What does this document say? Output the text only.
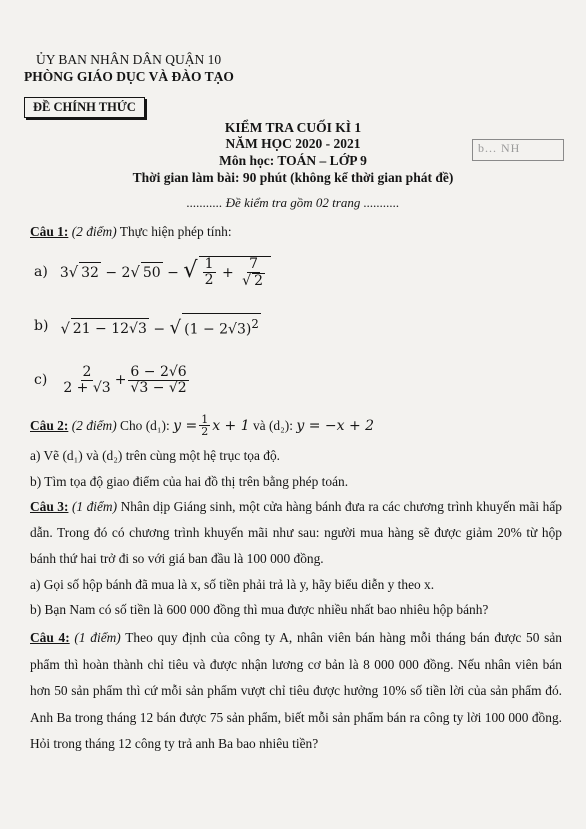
ỦY BAN NHÂN DÂN QUẬN 10
PHÒNG GIÁO DỤC VÀ ĐÀO TẠO
ĐỀ CHÍNH THỨC
b... NH
KIỂM TRA CUỐI KÌ 1
NĂM HỌC 2020 - 2021
Môn học: TOÁN – LỚP 9
Thời gian làm bài: 90 phút (không kể thời gian phát đề)
........... Đề kiểm tra gồm 02 trang ...........
Câu 1: (2 điểm) Thực hiện phép tính:
a) 3√ 32 − 2√ 50 − √ $\frac{1}{2} + \frac{7}{√ 2}$
b) √ 21 − 12√3 − √ $(1 - 2√3)^2$
$c) \frac{2}{2 + √3} + \frac{6 - 2√6}{√3 - √2}$
Câu 2:
(2 điểm)
Cho (d₁):
$y = \frac{1}{2}$ x + 1
và (d₂):
y = −x + 2
a) Vẽ (d₁) và (d₂) trên cùng một hệ trục tọa độ.
b) Tìm tọa độ giao điểm của hai đồ thị trên bằng phép toán.
Câu 3: (1 điểm) Nhân dịp Giáng sinh, một cửa hàng bánh đưa ra các chương trình khuyến mãi hấp dẫn. Trong đó có chương trình khuyến mãi như sau: người mua hàng sẽ được giảm 20% từ hộp bánh thứ hai trở đi so với giá ban đầu là 100 000 đồng.
a) Gọi số hộp bánh đã mua là x, số tiền phải trả là y, hãy biểu diễn y theo x.
b) Bạn Nam có số tiền là 600 000 đồng thì mua được nhiều nhất bao nhiêu hộp bánh?
Câu 4: (1 điểm) Theo quy định của công ty A, nhân viên bán hàng mỗi tháng bán được 50 sản phẩm thì hoàn thành chỉ tiêu và được nhận lương cơ bản là 8 000 000 đồng. Nếu nhân viên bán hơn 50 sản phẩm thì cứ mỗi sản phẩm vượt chỉ tiêu được hưởng 10% số tiền lời của sản phẩm đó. Anh Ba trong tháng 12 bán được 75 sản phẩm, biết mỗi sản phẩm bán ra công ty lời 100 000 đồng. Hỏi trong tháng 12 công ty trả anh Ba bao nhiêu tiền?
